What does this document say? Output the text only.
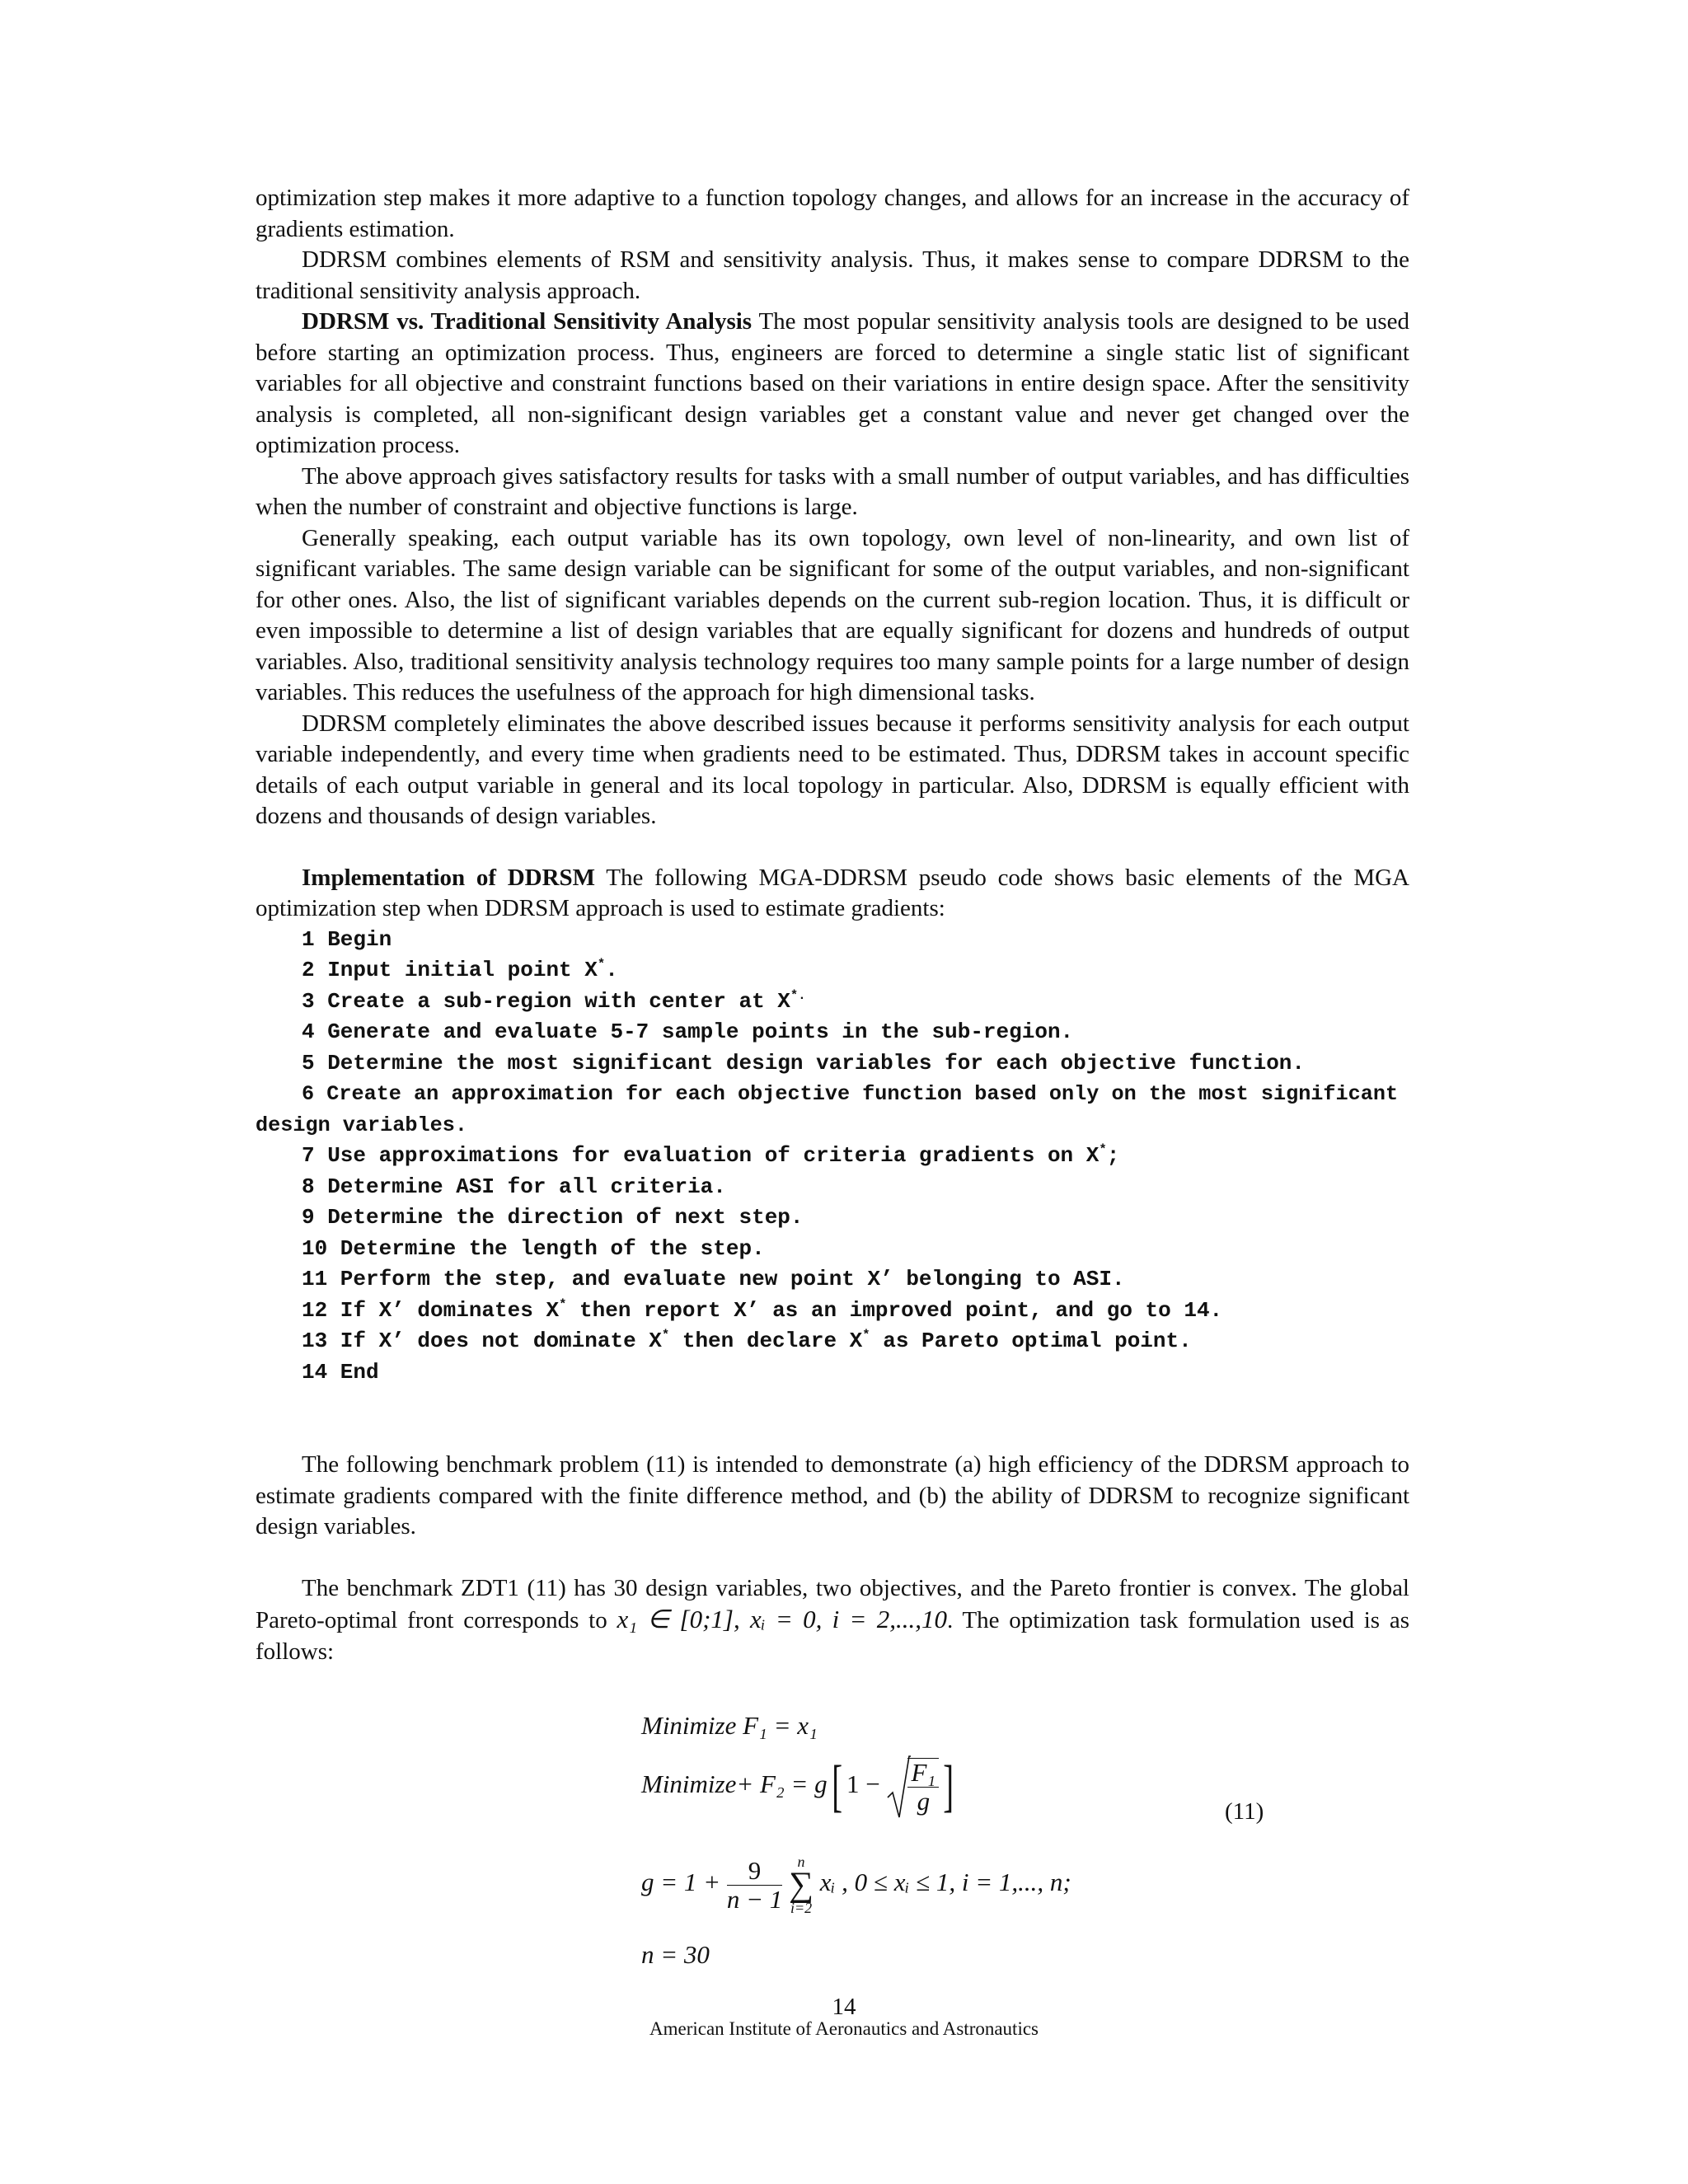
optimization step makes it more adaptive to a function topology changes, and allows for an increase in the accuracy of gradients estimation.

DDRSM combines elements of RSM and sensitivity analysis. Thus, it makes sense to compare DDRSM to the traditional sensitivity analysis approach.

DDRSM vs. Traditional Sensitivity Analysis The most popular sensitivity analysis tools are designed to be used before starting an optimization process. Thus, engineers are forced to determine a single static list of significant variables for all objective and constraint functions based on their variations in entire design space. After the sensitivity analysis is completed, all non-significant design variables get a constant value and never get changed over the optimization process.

The above approach gives satisfactory results for tasks with a small number of output variables, and has difficulties when the number of constraint and objective functions is large.

Generally speaking, each output variable has its own topology, own level of non-linearity, and own list of significant variables. The same design variable can be significant for some of the output variables, and non-significant for other ones. Also, the list of significant variables depends on the current sub-region location. Thus, it is difficult or even impossible to determine a list of design variables that are equally significant for dozens and hundreds of output variables. Also, traditional sensitivity analysis technology requires too many sample points for a large number of design variables. This reduces the usefulness of the approach for high dimensional tasks.

DDRSM completely eliminates the above described issues because it performs sensitivity analysis for each output variable independently, and every time when gradients need to be estimated. Thus, DDRSM takes in account specific details of each output variable in general and its local topology in particular. Also, DDRSM is equally efficient with dozens and thousands of design variables.

Implementation of DDRSM The following MGA-DDRSM pseudo code shows basic elements of the MGA optimization step when DDRSM approach is used to estimate gradients:

1 Begin
2 Input initial point X*.
3 Create a sub-region with center at X*.
4 Generate and evaluate 5-7 sample points in the sub-region.
5 Determine the most significant design variables for each objective function.
6 Create an approximation for each objective function based only on the most significant design variables.
7 Use approximations for evaluation of criteria gradients on X*;
8 Determine ASI for all criteria.
9 Determine the direction of next step.
10 Determine the length of the step.
11 Perform the step, and evaluate new point X’ belonging to ASI.
12 If X’ dominates X* then report X’ as an improved point, and go to 14.
13 If X’ does not dominate X* then declare X* as Pareto optimal point.
14 End

The following benchmark problem (11) is intended to demonstrate (a) high efficiency of the DDRSM approach to estimate gradients compared with the finite difference method, and (b) the ability of DDRSM to recognize significant design variables.

The benchmark ZDT1 (11) has 30 design variables, two objectives, and the Pareto frontier is convex. The global Pareto-optimal front corresponds to x₁ ∈ [0;1], xᵢ = 0, i = 2,...,10. The optimization task formulation used is as follows:

Minimize F₁ = x₁
Minimize+ F₂ = g[ $1 - \frac{\text{F₁}}{g}$ ]	(11)
$g = 1 + \frac{9}{n - 1}$
	n
∑
i=2
xᵢ , 0 ≤ xᵢ ≤ 1, i = 1,..., n;
n = 30
14
American Institute of Aeronautics and Astronautics
